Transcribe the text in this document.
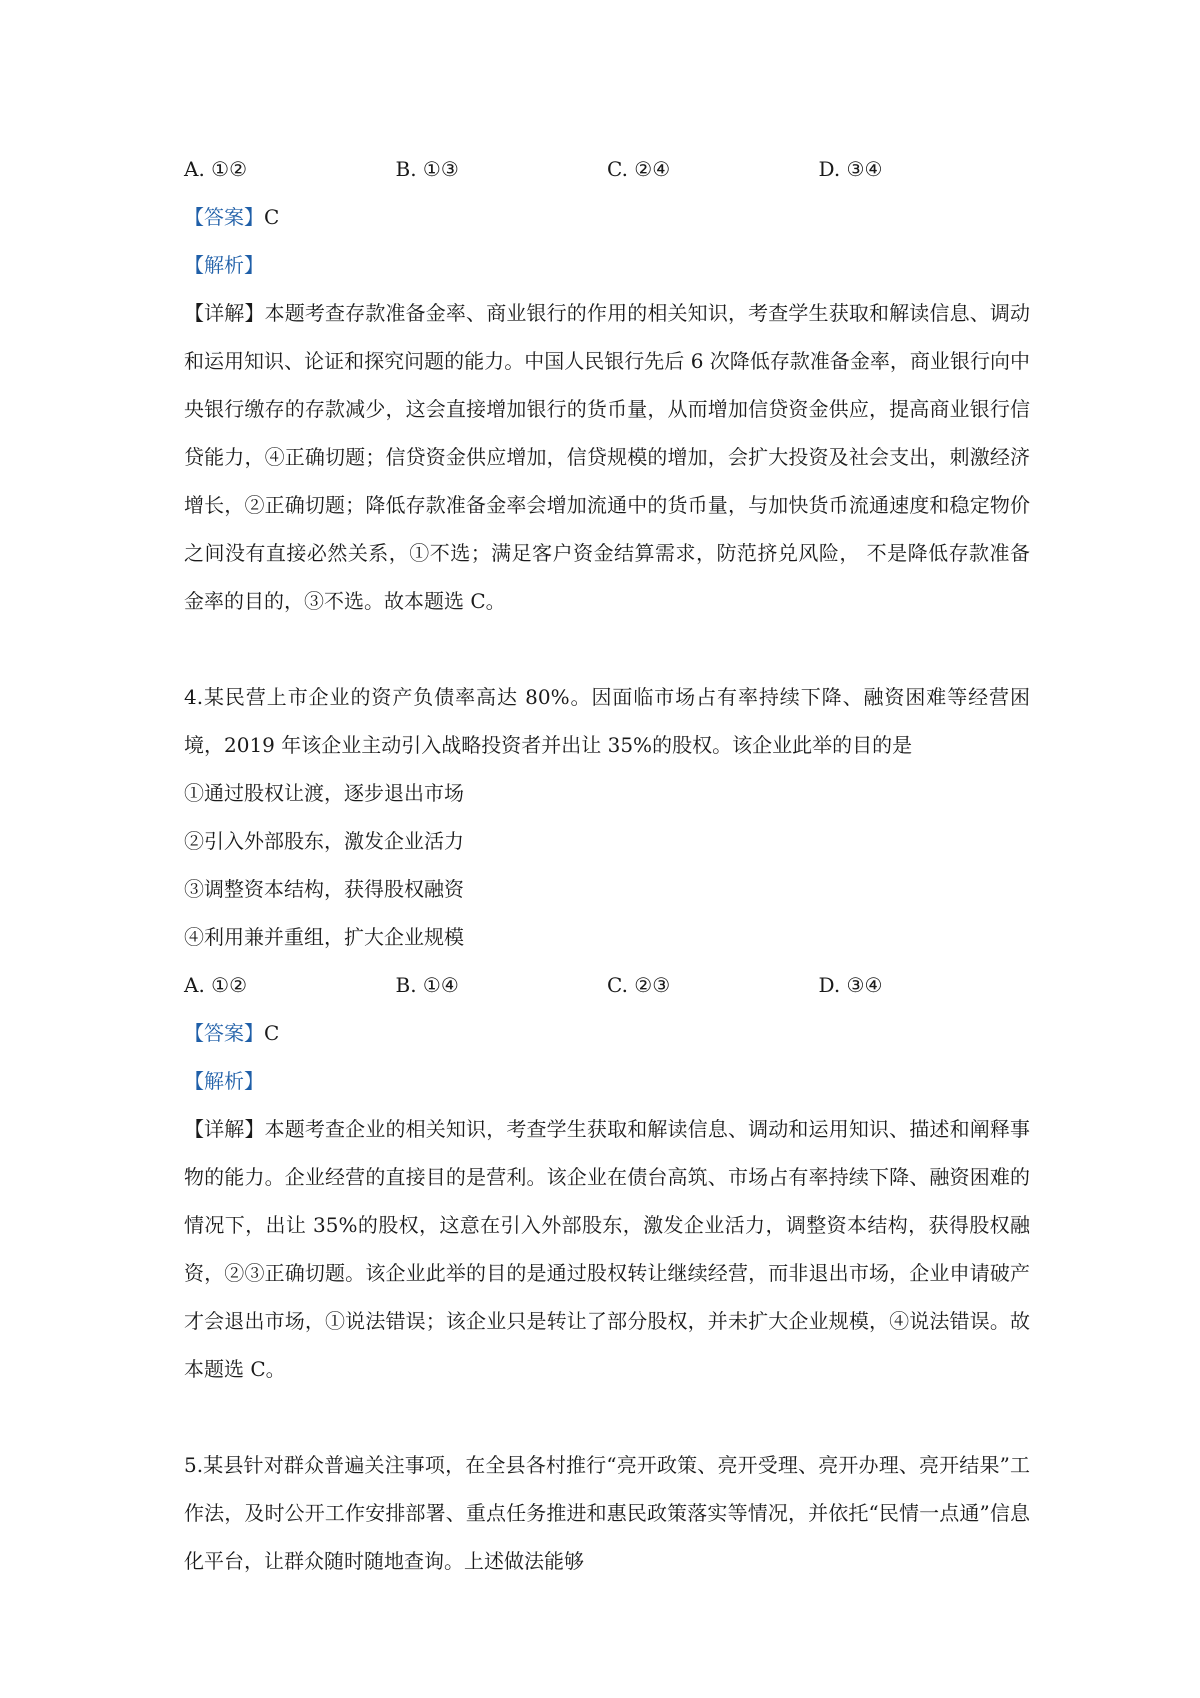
A. ①②	B. ①③	C. ②④	D. ③④
【答案】C
【解析】
【详解】本题考查存款准备金率、商业银行的作用的相关知识，考查学生获取和解读信息、调动和运用知识、论证和探究问题的能力。中国人民银行先后 6 次降低存款准备金率，商业银行向中央银行缴存的存款减少，这会直接增加银行的货币量，从而增加信贷资金供应，提高商业银行信贷能力，④正确切题；信贷资金供应增加，信贷规模的增加，会扩大投资及社会支出，刺激经济增长，②正确切题；降低存款准备金率会增加流通中的货币量，与加快货币流通速度和稳定物价之间没有直接必然关系，①不选；满足客户资金结算需求，防范挤兑风险， 不是降低存款准备金率的目的，③不选。故本题选 C。
4.某民营上市企业的资产负债率高达 80%。因面临市场占有率持续下降、融资困难等经营困境，2019 年该企业主动引入战略投资者并出让 35%的股权。该企业此举的目的是
①通过股权让渡，逐步退出市场
②引入外部股东，激发企业活力
③调整资本结构，获得股权融资
④利用兼并重组，扩大企业规模
A. ①②	B. ①④	C. ②③	D. ③④
【答案】C
【解析】
【详解】本题考查企业的相关知识，考查学生获取和解读信息、调动和运用知识、描述和阐释事物的能力。企业经营的直接目的是营利。该企业在债台高筑、市场占有率持续下降、融资困难的情况下，出让 35%的股权，这意在引入外部股东，激发企业活力，调整资本结构，获得股权融资，②③正确切题。该企业此举的目的是通过股权转让继续经营，而非退出市场，企业申请破产才会退出市场，①说法错误；该企业只是转让了部分股权，并未扩大企业规模，④说法错误。故本题选 C。
5.某县针对群众普遍关注事项，在全县各村推行“亮开政策、亮开受理、亮开办理、亮开结果”工作法，及时公开工作安排部署、重点任务推进和惠民政策落实等情况，并依托“民情一点通”信息化平台，让群众随时随地查询。上述做法能够
